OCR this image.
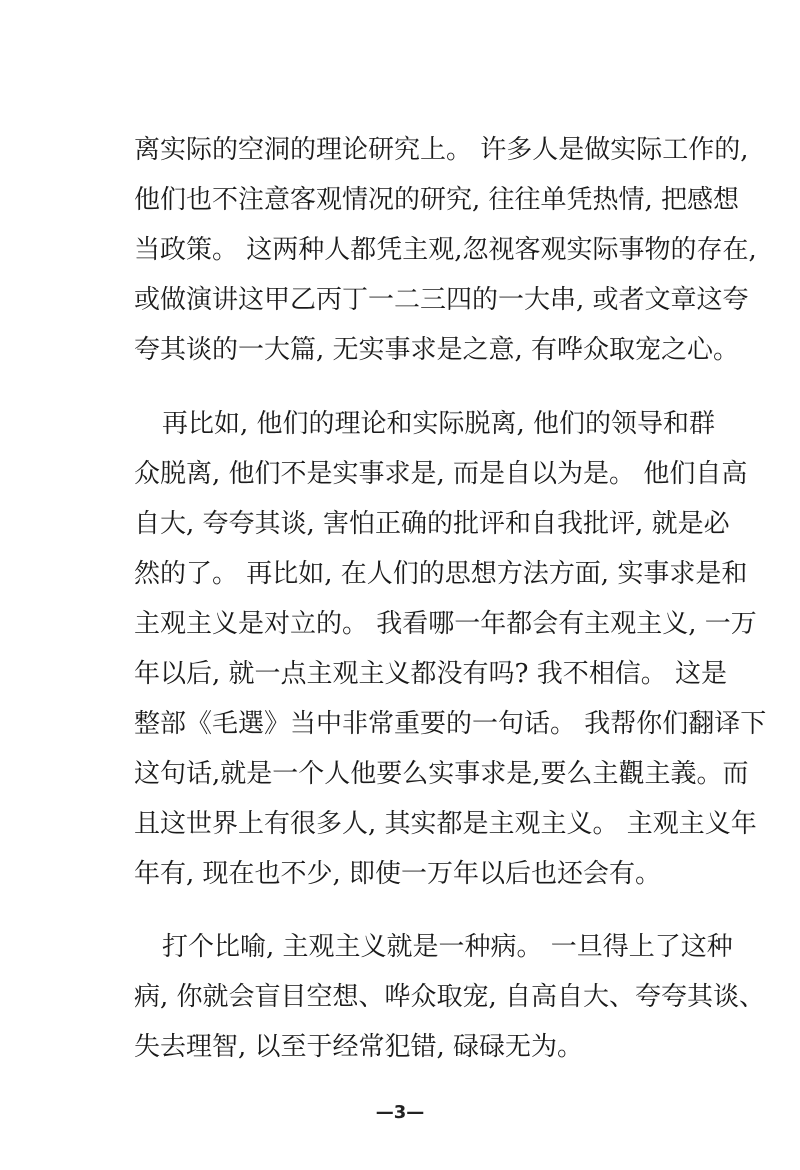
离实际的空洞的理论研究上。 许多人是做实际工作的,
他们也不注意客观情况的研究, 往往单凭热情, 把感想
当政策。 这两种人都凭主观,忽视客观实际事物的存在,
或做演讲这甲乙丙丁一二三四的一大串, 或者文章这夸
夸其谈的一大篇, 无实事求是之意, 有哗众取宠之心。
再比如, 他们的理论和实际脱离, 他们的领导和群
众脱离, 他们不是实事求是, 而是自以为是。 他们自高
自大, 夸夸其谈, 害怕正确的批评和自我批评, 就是必
然的了。 再比如, 在人们的思想方法方面, 实事求是和
主观主义是对立的。 我看哪一年都会有主观主义, 一万
年以后, 就一点主观主义都没有吗? 我不相信。 这是
整部《毛選》当中非常重要的一句话。 我帮你们翻译下
这句话,就是一个人他要么实事求是,要么主觀主義。而
且这世界上有很多人, 其实都是主观主义。 主观主义年
年有, 现在也不少, 即使一万年以后也还会有。
打个比喻, 主观主义就是一种病。 一旦得上了这种
病, 你就会盲目空想、哗众取宠, 自高自大、夸夸其谈、
失去理智, 以至于经常犯错, 碌碌无为。
—3—
